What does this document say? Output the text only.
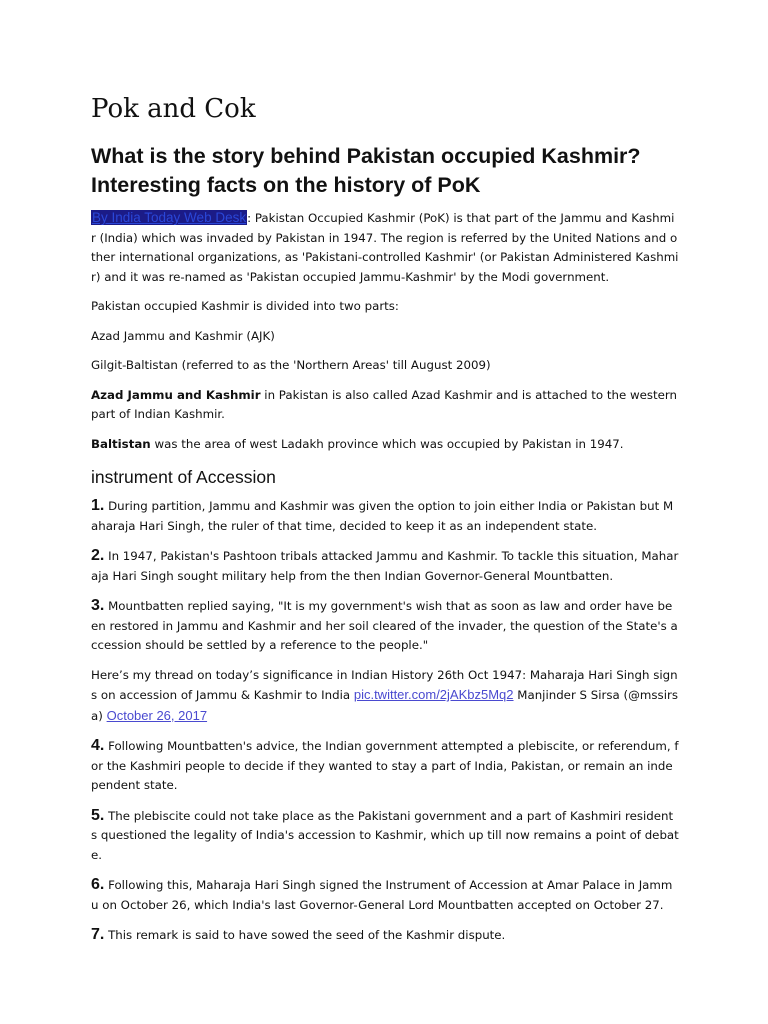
Pok and Cok
What is the story behind Pakistan occupied Kashmir?
Interesting facts on the history of PoK

By India Today Web Desk: Pakistan Occupied Kashmir (PoK) is that part of the Jammu and Kashmir (India) which was invaded by Pakistan in 1947. The region is referred by the United Nations and other international organizations, as 'Pakistani-controlled Kashmir' (or Pakistan Administered Kashmir) and it was re-named as 'Pakistan occupied Jammu-Kashmir' by the Modi government.

Pakistan occupied Kashmir is divided into two parts:

Azad Jammu and Kashmir (AJK)

Gilgit-Baltistan (referred to as the 'Northern Areas' till August 2009)

Azad Jammu and Kashmir in Pakistan is also called Azad Kashmir and is attached to the western part of Indian Kashmir.

Baltistan was the area of west Ladakh province which was occupied by Pakistan in 1947.

instrument of Accession

1. During partition, Jammu and Kashmir was given the option to join either India or Pakistan but Maharaja Hari Singh, the ruler of that time, decided to keep it as an independent state.

2. In 1947, Pakistan's Pashtoon tribals attacked Jammu and Kashmir. To tackle this situation, Maharaja Hari Singh sought military help from the then Indian Governor-General Mountbatten.

3. Mountbatten replied saying, "It is my government's wish that as soon as law and order have been restored in Jammu and Kashmir and her soil cleared of the invader, the question of the State's accession should be settled by a reference to the people."

Here’s my thread on today’s significance in Indian History 26th Oct 1947: Maharaja Hari Singh signs on accession of Jammu & Kashmir to India pic.twitter.com/2jAKbz5Mq2 Manjinder S Sirsa (@mssirsa) October 26, 2017

4. Following Mountbatten's advice, the Indian government attempted a plebiscite, or referendum, for the Kashmiri people to decide if they wanted to stay a part of India, Pakistan, or remain an independent state.

5. The plebiscite could not take place as the Pakistani government and a part of Kashmiri residents questioned the legality of India's accession to Kashmir, which up till now remains a point of debate.

6. Following this, Maharaja Hari Singh signed the Instrument of Accession at Amar Palace in Jammu on October 26, which India's last Governor-General Lord Mountbatten accepted on October 27.

7. This remark is said to have sowed the seed of the Kashmir dispute.
